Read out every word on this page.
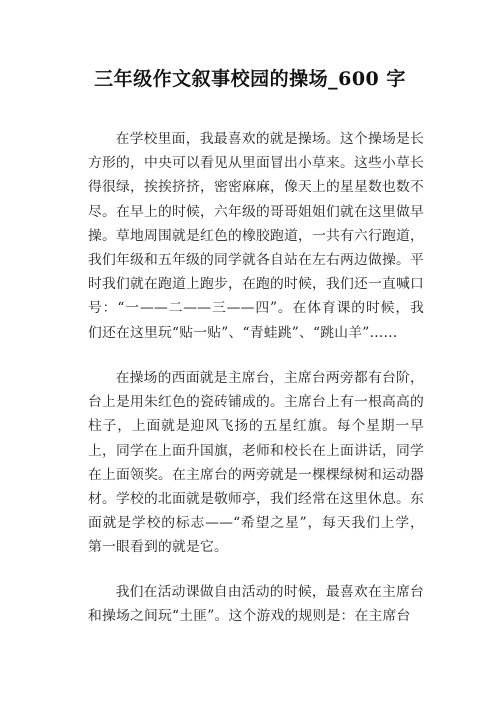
三年级作文叙事校园的操场_600 字

在学校里面，我最喜欢的就是操场。这个操场是长方形的，中央可以看见从里面冒出小草来。这些小草长得很绿，挨挨挤挤，密密麻麻，像天上的星星数也数不尽。在早上的时候，六年级的哥哥姐姐们就在这里做早操。草地周围就是红色的橡胶跑道，一共有六行跑道，我们年级和五年级的同学就各自站在左右两边做操。平时我们就在跑道上跑步，在跑的时候，我们还一直喊口号：“一——二——三——四”。在体育课的时候，我们还在这里玩“贴一贴”、“青蛙跳”、“跳山羊”……

在操场的西面就是主席台，主席台两旁都有台阶，台上是用朱红色的瓷砖铺成的。主席台上有一根高高的柱子，上面就是迎风飞扬的五星红旗。每个星期一早上，同学在上面升国旗，老师和校长在上面讲话，同学在上面领奖。在主席台的两旁就是一棵棵绿树和运动器材。学校的北面就是敬师亭，我们经常在这里休息。东面就是学校的标志——“希望之星”，每天我们上学，第一眼看到的就是它。

我们在活动课做自由活动的时候，最喜欢在主席台和操场之间玩“土匪”。这个游戏的规则是：在主席台
